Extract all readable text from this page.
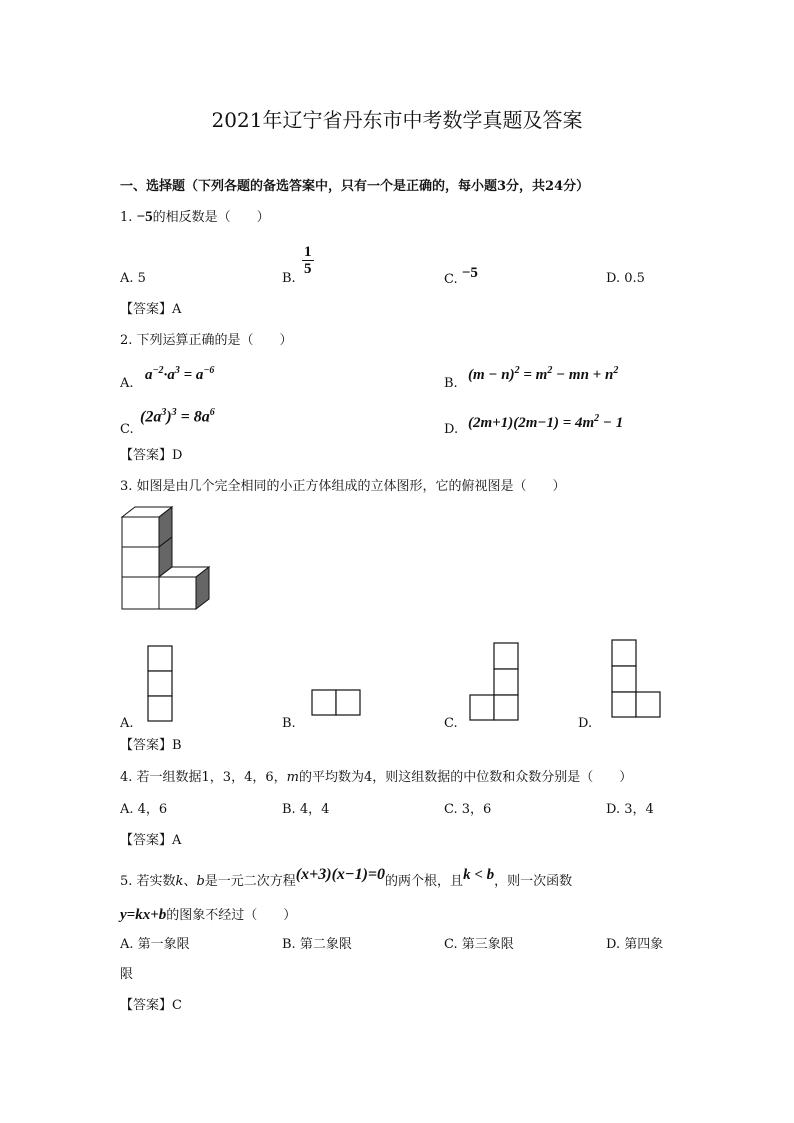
2021年辽宁省丹东市中考数学真题及答案
一、选择题（下列各题的备选答案中，只有一个是正确的，每小题3分，共24分）
1. −5的相反数是（　　）
A. 5	B.
$\frac{1}{5}$
C. −5	D. 0.5
【答案】A
2. 下列运算正确的是（　　）
A.
$a^{-2}\cdot a^3 = a^{-6}$
B.
$(m - n)^2 = m^2$ − mn + $n^2$
C.
$(2a^3)^3 = 8a^6$
D. $(2m+1)(2m-1) = 4m^2 - 1$
【答案】D
3. 如图是由几个完全相同的小正方体组成的立体图形，它的俯视图是（　　）
A.	B.	C.	D.
【答案】B
4. 若一组数据1，3，4，6，m的平均数为4，则这组数据的中位数和众数分别是（　　）
A. 4，6	B. 4，4	C. 3，6	D. 3，4
【答案】A
5. 若实数k、b是一元二次方程(x+3)(x−1)=0的两个根，且k < b，则一次函数
y=kx+b的图象不经过（　　）
A. 第一象限	B. 第二象限	C. 第三象限	D. 第四象
限
【答案】C
